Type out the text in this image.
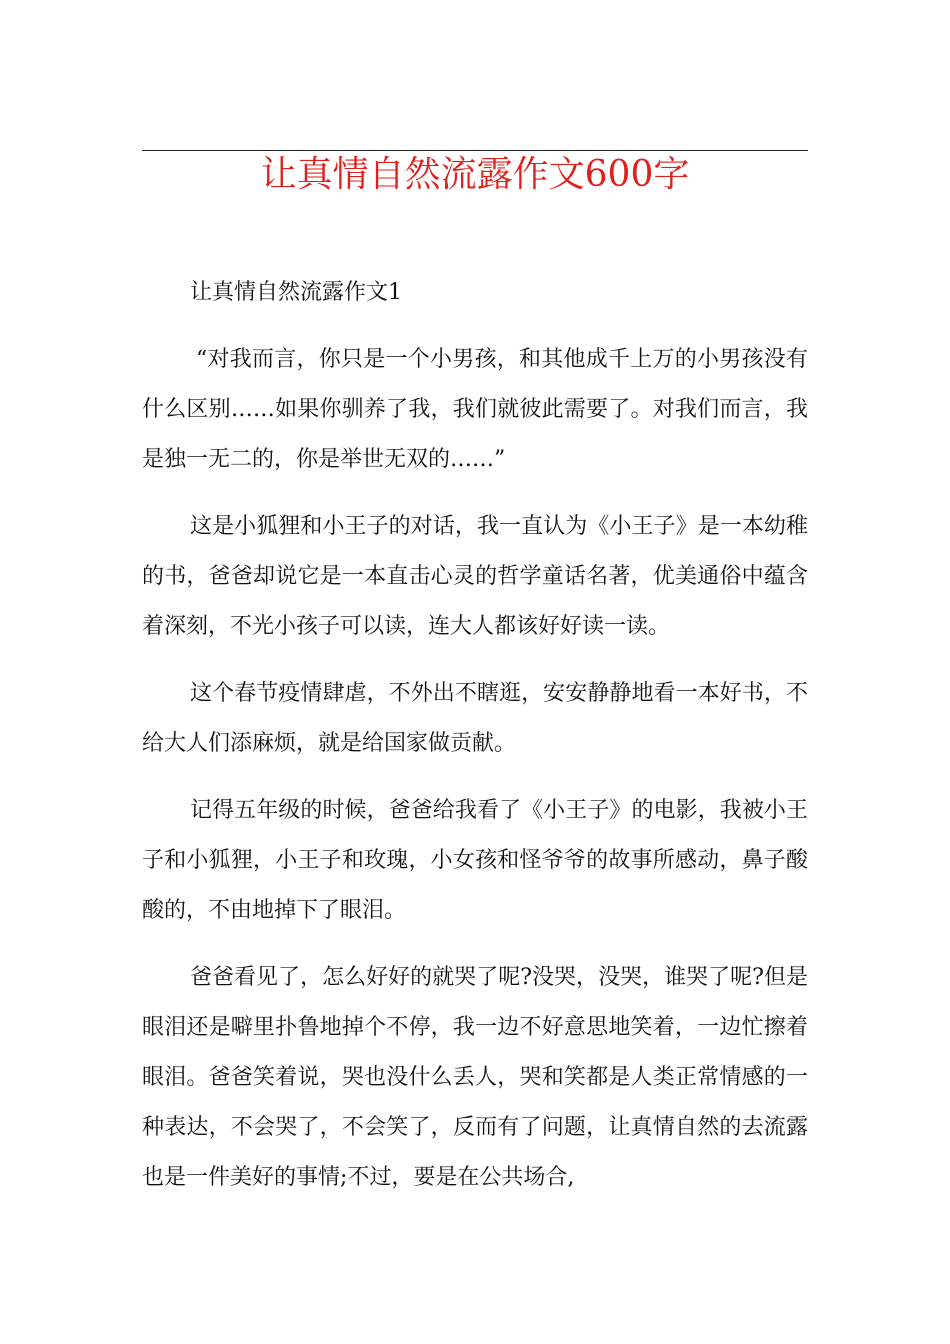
让真情自然流露作文600字

让真情自然流露作文1

“对我而言，你只是一个小男孩，和其他成千上万的小男孩没有什么区别……如果你驯养了我，我们就彼此需要了。对我们而言，我是独一无二的，你是举世无双的……”

这是小狐狸和小王子的对话，我一直认为《小王子》是一本幼稚的书，爸爸却说它是一本直击心灵的哲学童话名著，优美通俗中蕴含着深刻，不光小孩子可以读，连大人都该好好读一读。

这个春节疫情肆虐，不外出不瞎逛，安安静静地看一本好书，不给大人们添麻烦，就是给国家做贡献。

记得五年级的时候，爸爸给我看了《小王子》的电影，我被小王子和小狐狸，小王子和玫瑰，小女孩和怪爷爷的故事所感动，鼻子酸酸的，不由地掉下了眼泪。

爸爸看见了，怎么好好的就哭了呢?没哭，没哭，谁哭了呢?但是眼泪还是噼里扑鲁地掉个不停，我一边不好意思地笑着，一边忙擦着眼泪。爸爸笑着说，哭也没什么丢人，哭和笑都是人类正常情感的一种表达，不会哭了，不会笑了，反而有了问题，让真情自然的去流露也是一件美好的事情;不过，要是在公共场合,
